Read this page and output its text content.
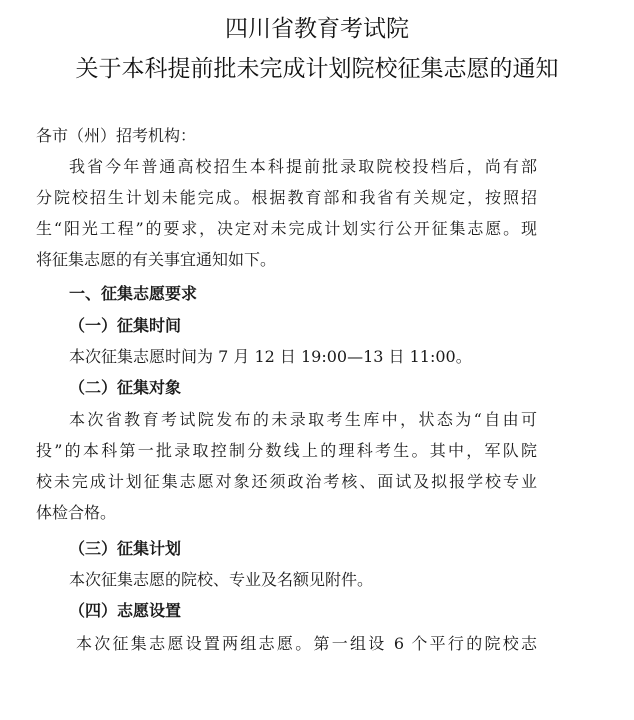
四川省教育考试院
关于本科提前批未完成计划院校征集志愿的通知
各市（州）招考机构：
我省今年普通高校招生本科提前批录取院校投档后，尚有部
分院校招生计划未能完成。根据教育部和我省有关规定，按照招
生“阳光工程”的要求，决定对未完成计划实行公开征集志愿。现
将征集志愿的有关事宜通知如下。
一、征集志愿要求
（一）征集时间
本次征集志愿时间为 7 月 12 日 19:00—13 日 11:00。
（二）征集对象
本次省教育考试院发布的未录取考生库中，状态为“自由可
投”的本科第一批录取控制分数线上的理科考生。其中，军队院
校未完成计划征集志愿对象还须政治考核、面试及拟报学校专业
体检合格。
（三）征集计划
本次征集志愿的院校、专业及名额见附件。
（四）志愿设置
本次征集志愿设置两组志愿。第一组设 6 个平行的院校志
